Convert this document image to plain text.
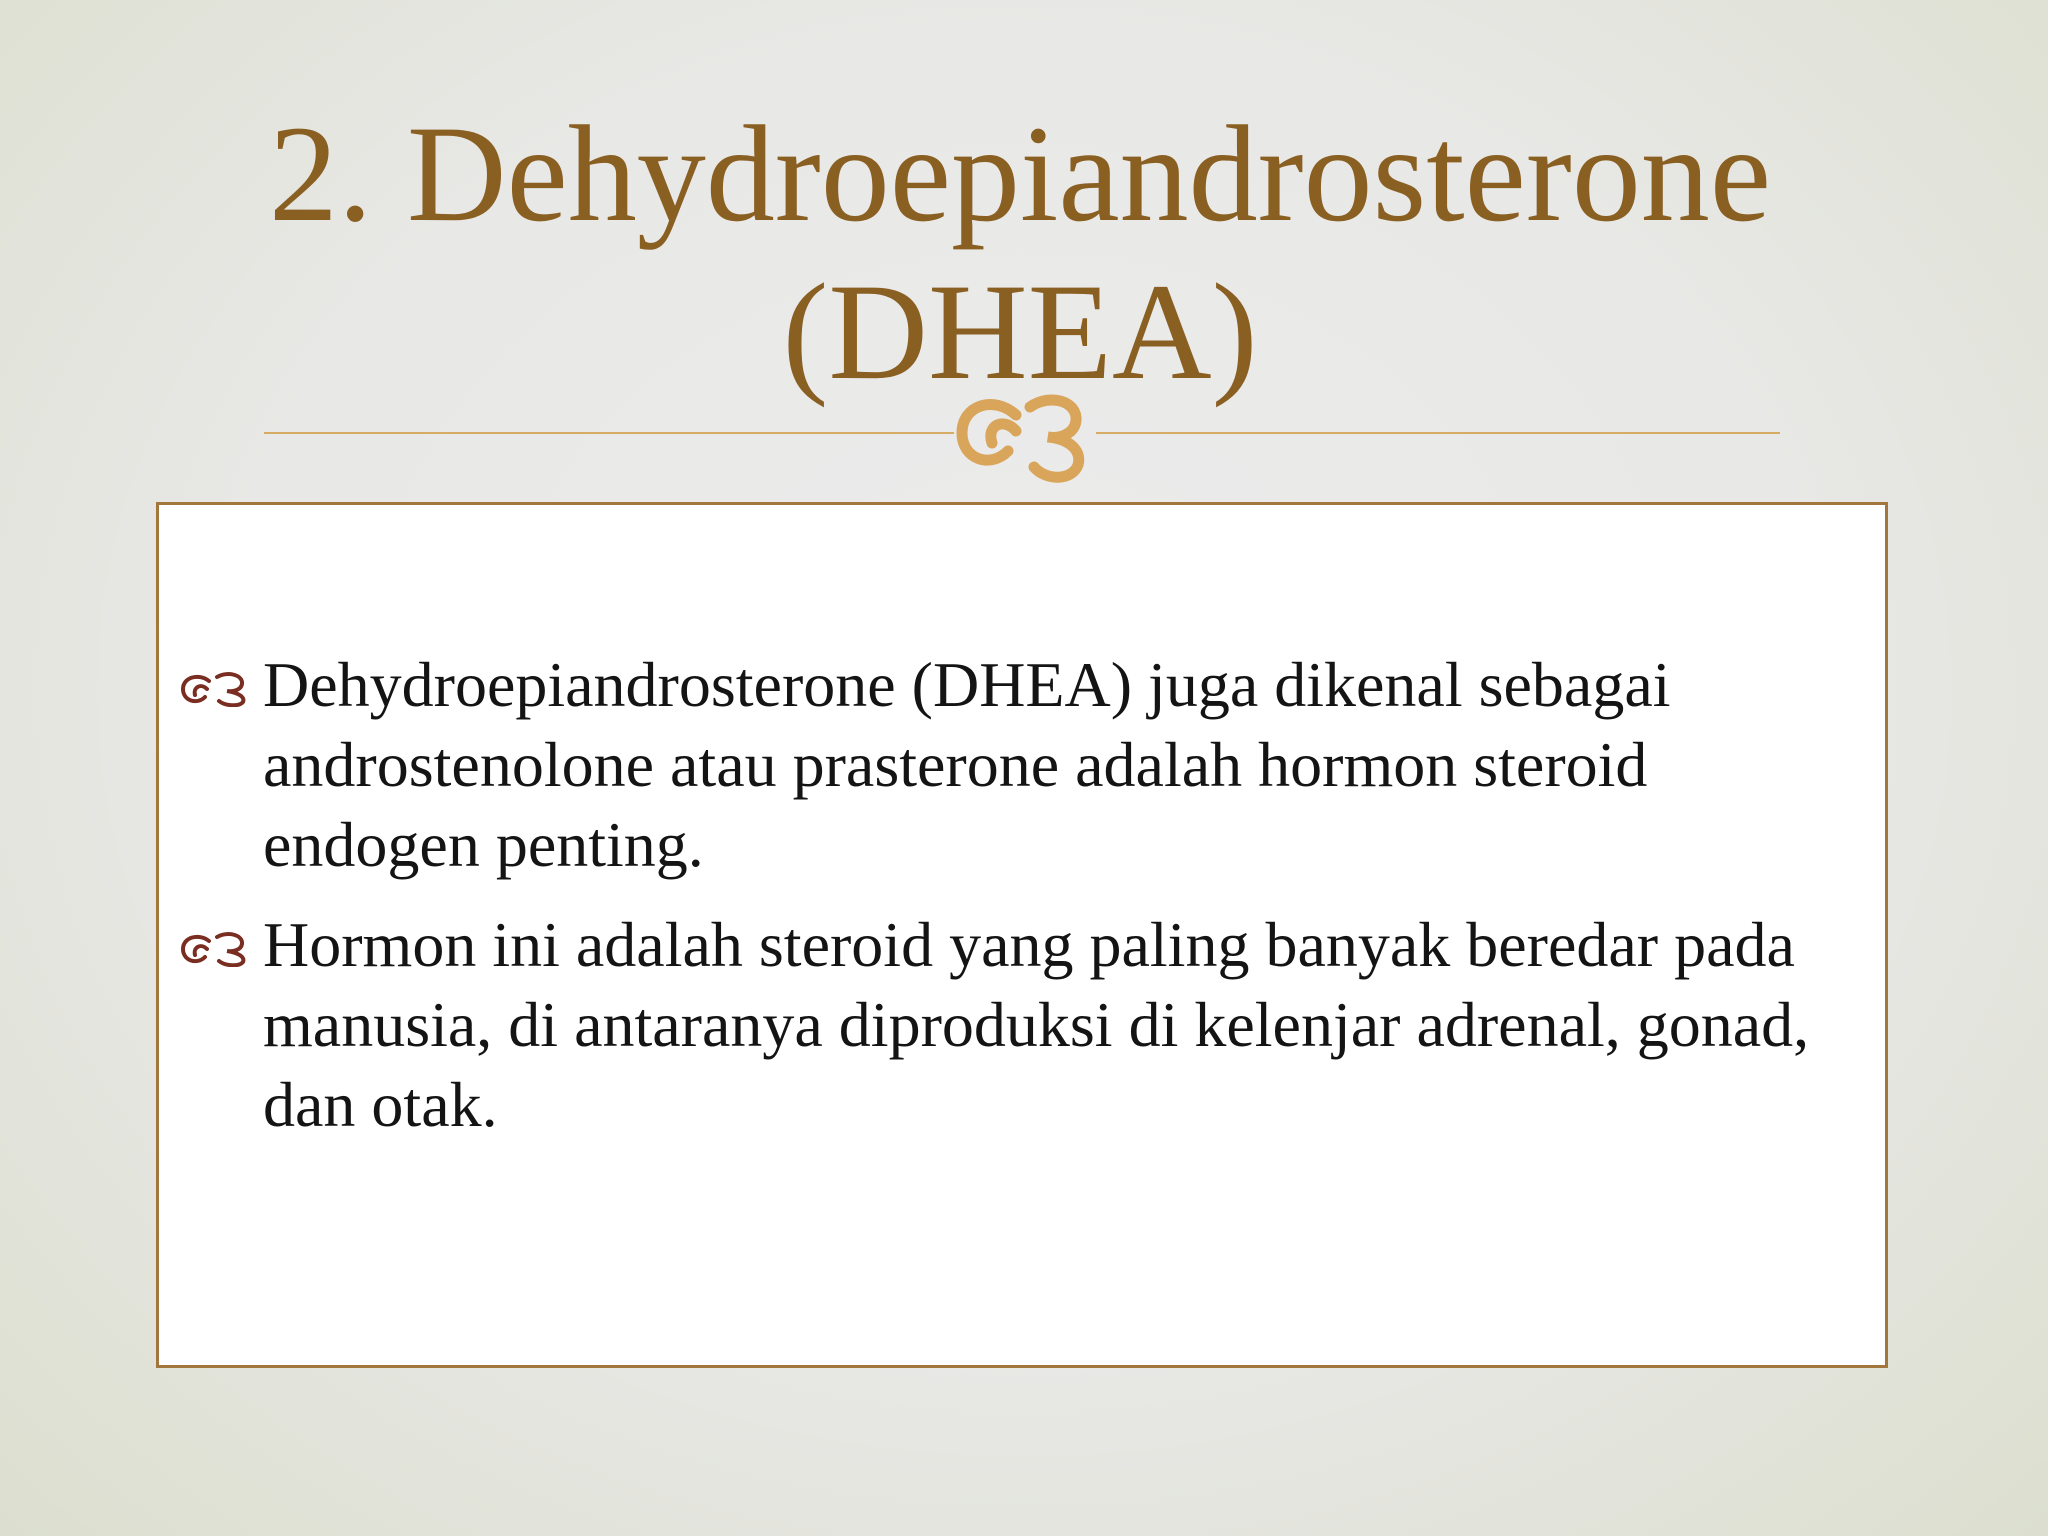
2. Dehydroepiandrosterone
(DHEA)
Dehydroepiandrosterone (DHEA) juga dikenal sebagai androstenolone atau prasterone adalah hormon steroid endogen penting.
Hormon ini adalah steroid yang paling banyak beredar pada manusia, di antaranya diproduksi di kelenjar adrenal, gonad, dan otak.
